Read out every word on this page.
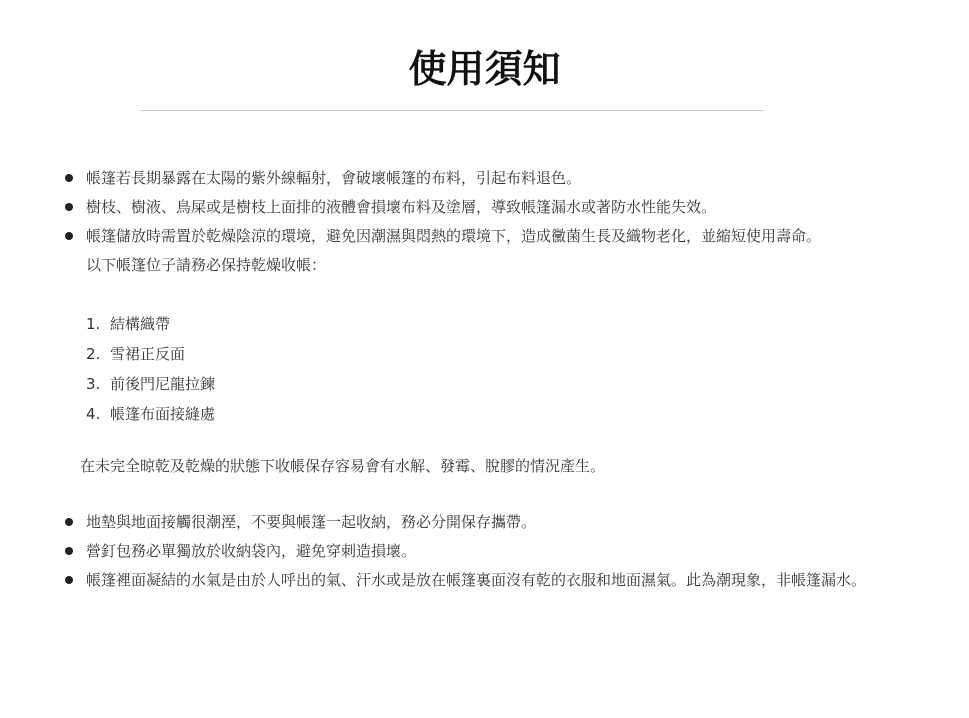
使用須知
帳篷若長期暴露在太陽的紫外線輻射，會破壞帳篷的布料，引起布料退色。
樹枝、樹液、鳥屎或是樹枝上面排的液體會損壞布料及塗層，導致帳篷漏水或著防水性能失效。
帳篷儲放時需置於乾燥陰涼的環境，避免因潮濕與悶熱的環境下，造成黴菌生長及織物老化，並縮短使用壽命。

以下帳篷位子請務必保持乾燥收帳：

1. 結構織帶
2. 雪裙正反面
3. 前後門尼龍拉鍊
4. 帳篷布面接縫處

在未完全晾乾及乾燥的狀態下收帳保存容易會有水解、發霉、脫膠的情況產生。

地墊與地面接觸很潮溼，不要與帳篷一起收納，務必分開保存攜帶。
營釘包務必單獨放於收納袋內，避免穿刺造損壞。
帳篷裡面凝結的水氣是由於人呼出的氣、汗水或是放在帳篷裏面沒有乾的衣服和地面濕氣。此為潮現象，非帳篷漏水。
